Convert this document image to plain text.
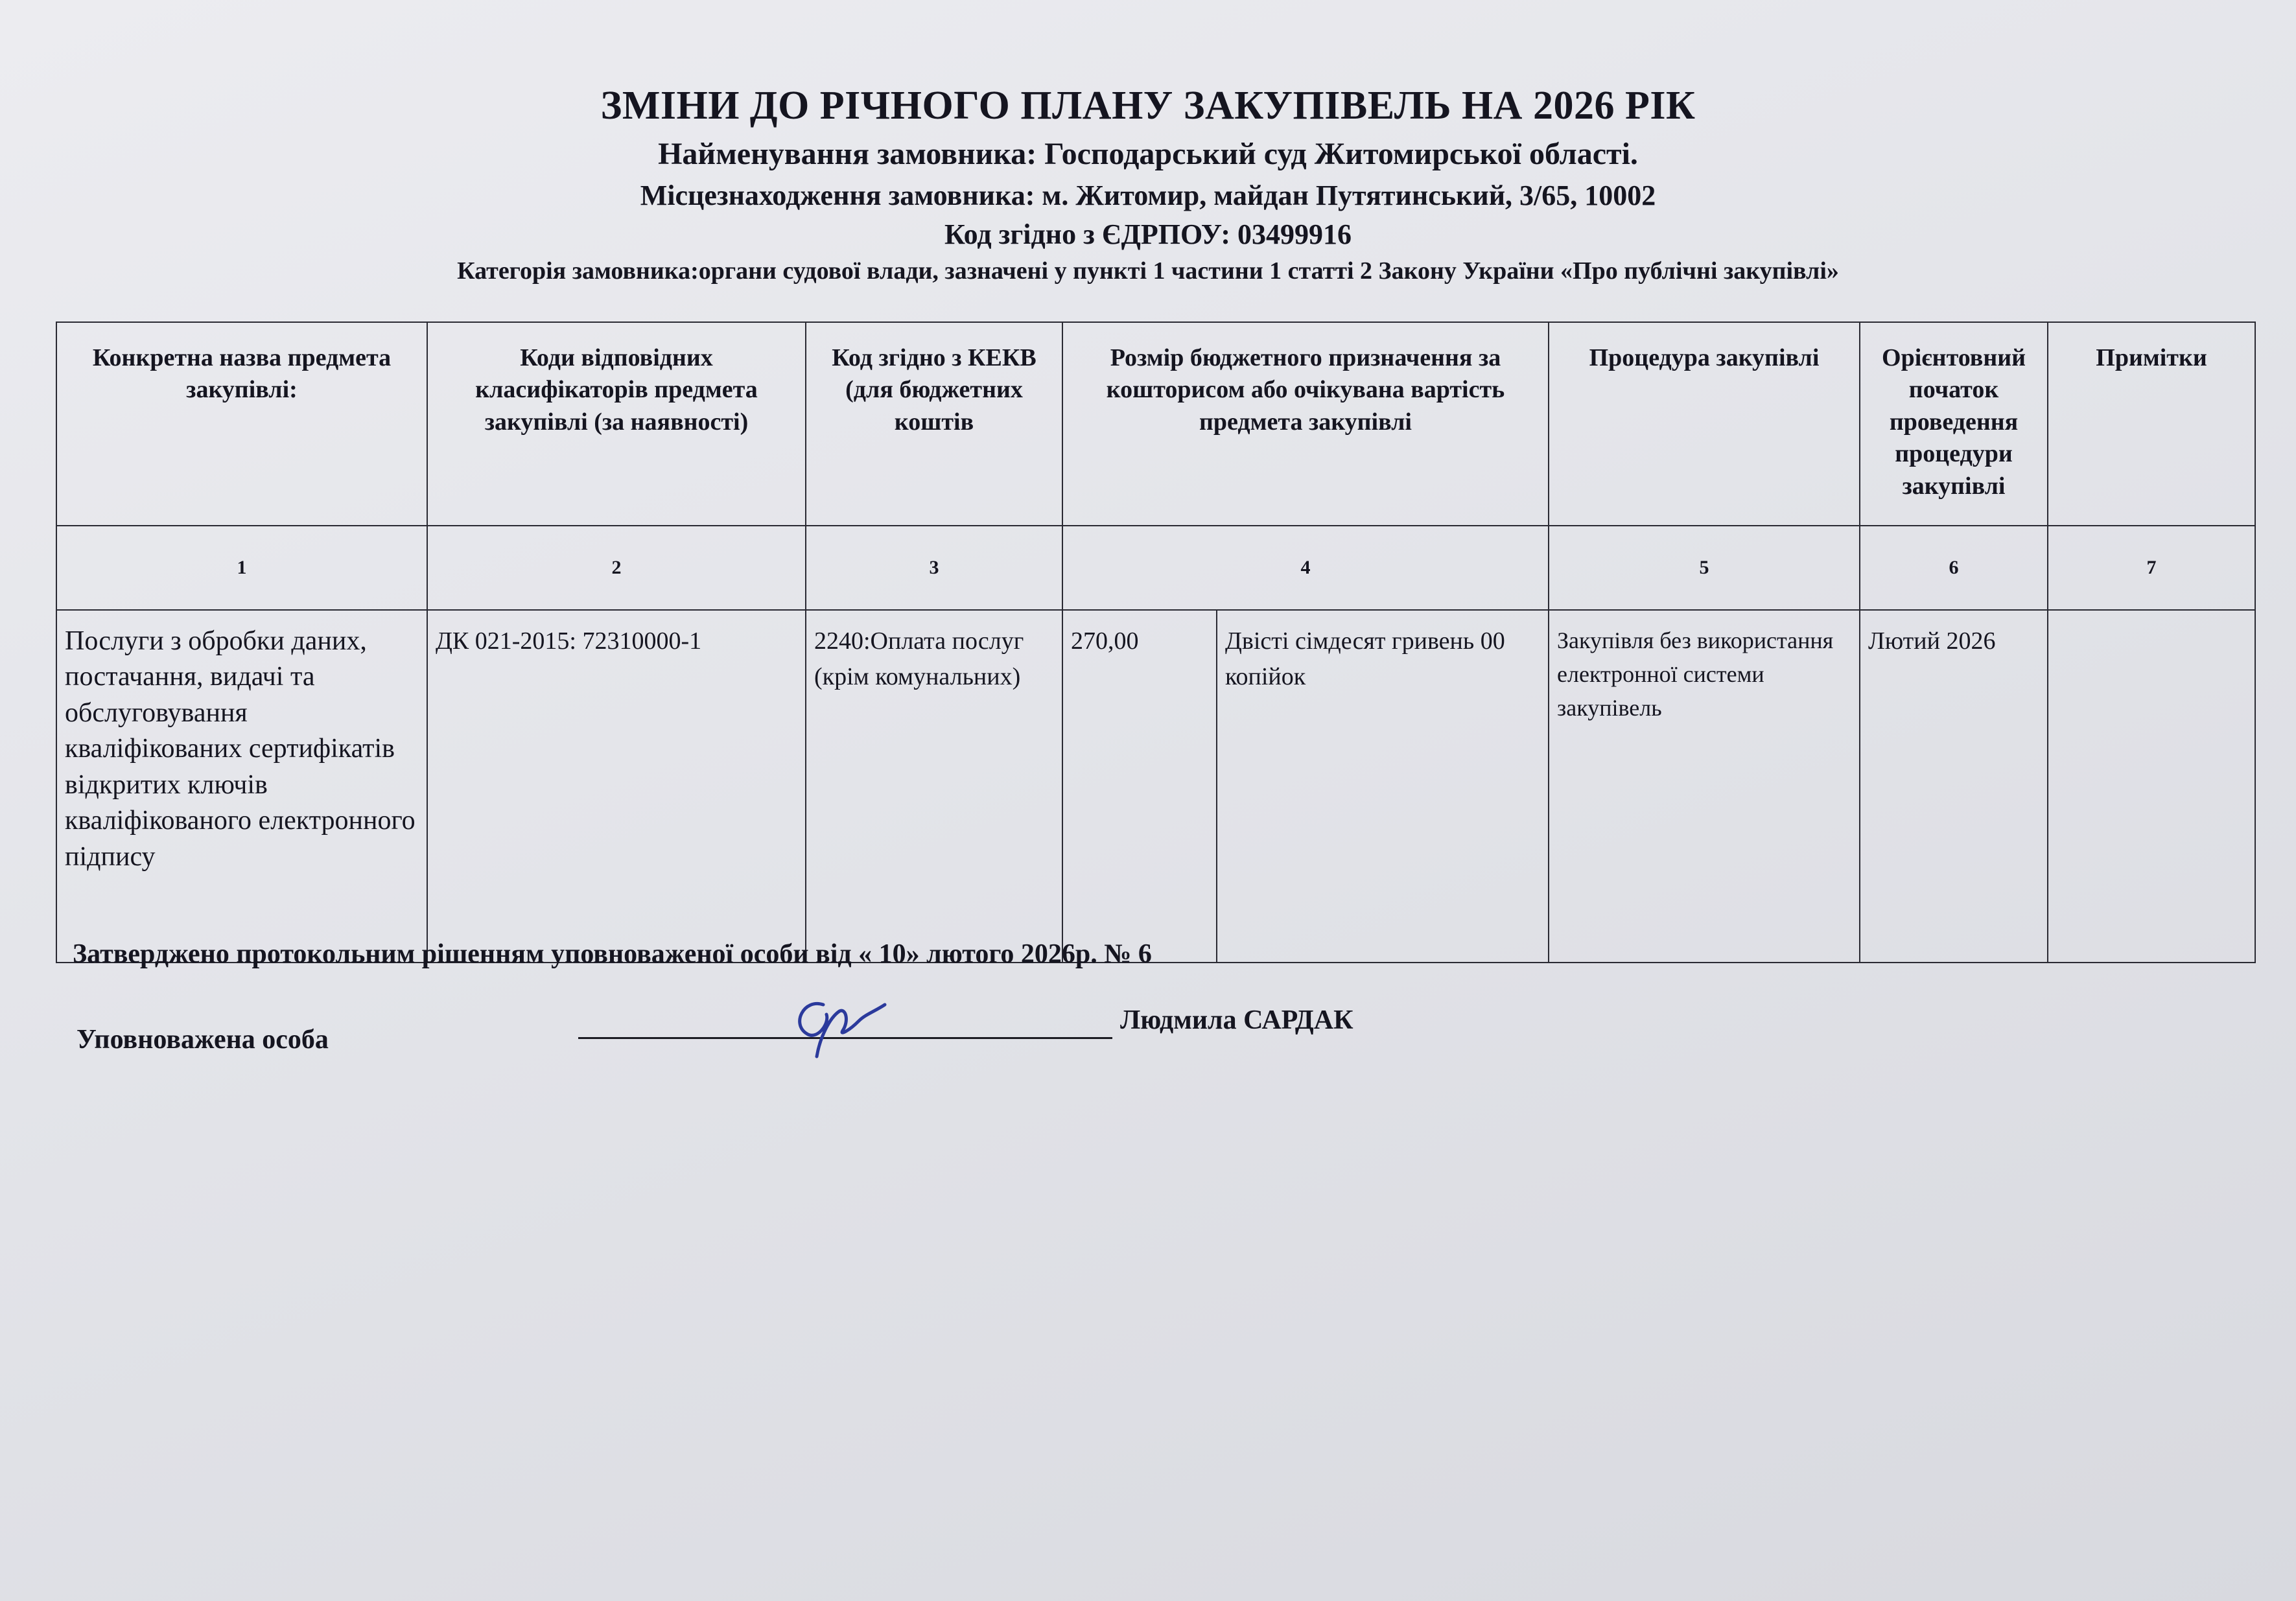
ЗМІНИ ДО РІЧНОГО ПЛАНУ ЗАКУПІВЕЛЬ НА 2026 РІК
Найменування замовника: Господарський суд Житомирської області.
Місцезнаходження замовника: м. Житомир, майдан Путятинський, 3/65, 10002
Код згідно з ЄДРПОУ: 03499916
Категорія замовника:органи судової влади, зазначені у пункті 1 частини 1 статті 2 Закону України «Про публічні закупівлі»
Конкретна назва предмета закупівлі:	Коди відповідних класифікаторів предмета закупівлі (за наявності)	Код згідно з КЕКВ (для бюджетних коштів	Розмір бюджетного призначення за кошторисом або очікувана вартість предмета закупівлі		Процедура закупівлі	Орієнтовний початок проведення процедури закупівлі	Примітки
1	2	3	4		5	6	7
Послуги з обробки даних, постачання, видачі та обслуговування кваліфікованих сертифікатів відкритих ключів кваліфікованого електронного підпису	ДК 021-2015: 72310000-1	2240:Оплата послуг (крім комунальних)	270,00	Двісті сімдесят гривень 00 копійок	Закупівля без використання електронної системи закупівель	Лютий 2026	
Затверджено протокольним рішенням уповноваженої особи від « 10» лютого 2026р. № 6
Уповноважена особа
Людмила САРДАК
